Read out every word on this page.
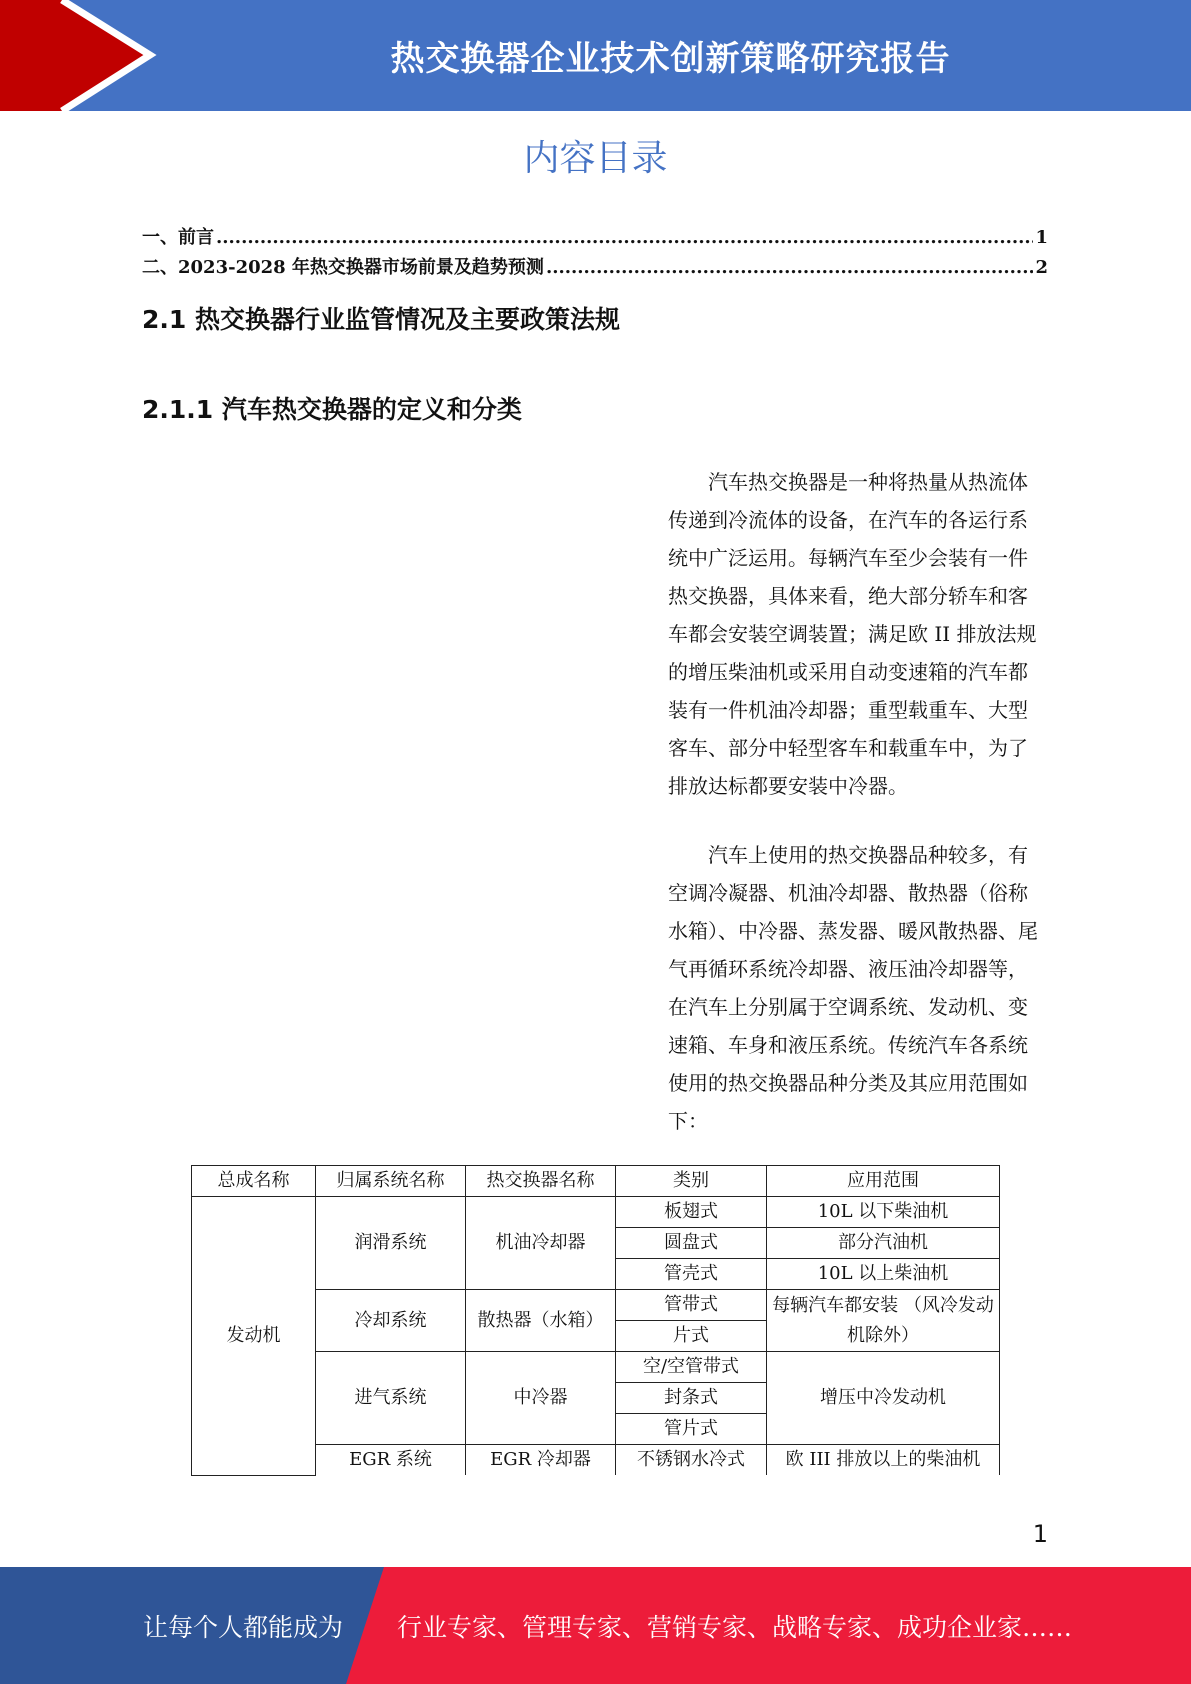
热交换器企业技术创新策略研究报告
内容目录
一、前言 .....	1
二、2023-2028 年热交换器市场前景及趋势预测 .....	2
2.1 热交换器行业监管情况及主要政策法规
2.1.1 汽车热交换器的定义和分类

汽车热交换器是一种将热量从热流体传递到冷流体的设备，在汽车的各运行系统中广泛运用。每辆汽车至少会装有一件热交换器，具体来看，绝大部分轿车和客车都会安装空调装置；满足欧 II 排放法规的增压柴油机或采用自动变速箱的汽车都装有一件机油冷却器；重型载重车、大型客车、部分中轻型客车和载重车中，为了排放达标都要安装中冷器。

汽车上使用的热交换器品种较多，有空调冷凝器、机油冷却器、散热器（俗称水箱）、中冷器、蒸发器、暖风散热器、尾气再循环系统冷却器、液压油冷却器等，在汽车上分别属于空调系统、发动机、变速箱、车身和液压系统。传统汽车各系统使用的热交换器品种分类及其应用范围如下：

总成名称	归属系统名称	热交换器名称	类别	应用范围
发动机	润滑系统	机油冷却器	板翅式	10L 以下柴油机
			圆盘式	部分汽油机
			管壳式	10L 以上柴油机
	冷却系统	散热器（水箱）	管带式	每辆汽车都安装 （风冷发动机除外）
			片式	
	进气系统	中冷器	空/空管带式	增压中冷发动机
			封条式	
			管片式	
	EGR 系统	EGR 冷却器	不锈钢水冷式	欧 III 排放以上的柴油机
1
让每个人都能成为 行业专家、管理专家、营销专家、战略专家、成功企业家……
